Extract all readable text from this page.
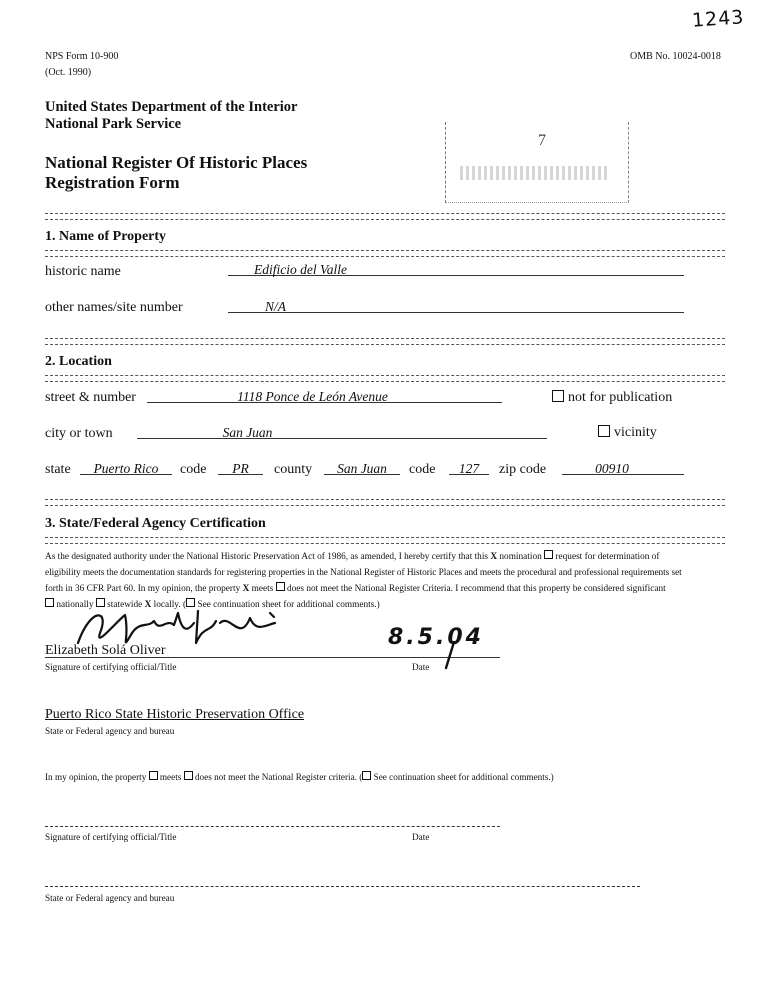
1243
NPS Form 10-900
(Oct. 1990)
OMB No. 10024-0018
United States Department of the Interior
National Park Service
National Register Of Historic Places
Registration Form
7
1. Name of Property
historic name	Edificio del Valle
other names/site number	N/A
2. Location
street & number	1118 Ponce de León Avenue	not for publication
city or town	San Juan	vicinity
state	Puerto Rico	code	PR	county	San Juan	code	127	zip code	00910
3. State/Federal Agency Certification
As the designated authority under the National Historic Preservation Act of 1986, as amended, I hereby certify that this X nomination request for determination of
eligibility meets the documentation standards for registering properties in the National Register of Historic Places and meets the procedural and professional requirements set
forth in 36 CFR Part 60. In my opinion, the property X meets does not meet the National Register Criteria. I recommend that this property be considered significant
nationally statewide X locally. ( See continuation sheet for additional comments.)
Elizabeth Solá Oliver
8.5.04
Signature of certifying official/Title	Date
Puerto Rico State Historic Preservation Office
State or Federal agency and bureau
In my opinion, the property meets does not meet the National Register criteria. ( See continuation sheet for additional comments.)
Signature of certifying official/Title	Date
State or Federal agency and bureau
